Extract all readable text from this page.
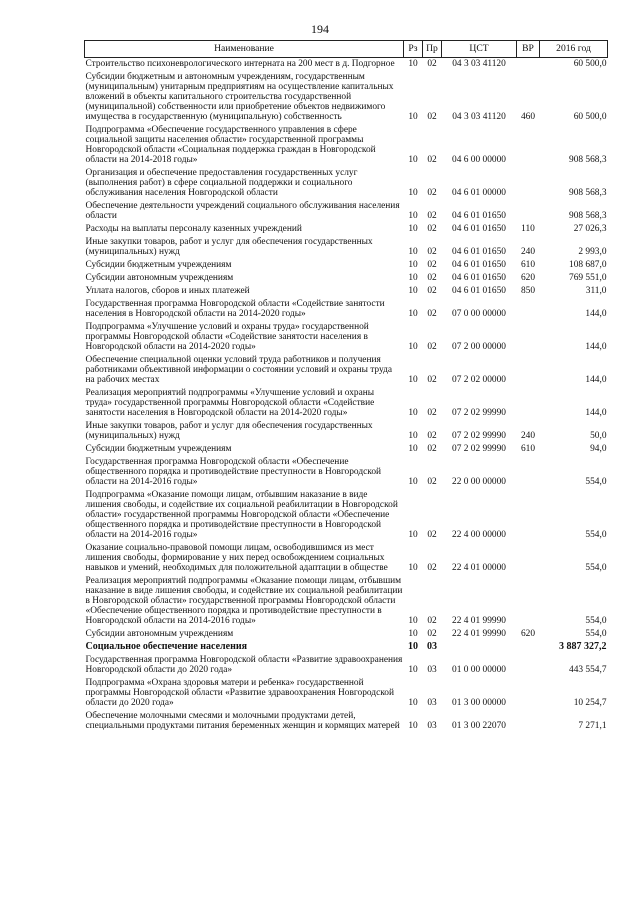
194
Наименование	Рз	Пр	ЦСТ	ВР	2016 год
Строительство психоневрологического интерната на 200 мест в д. Подгорное	10	02	04 3 03 41120		60 500,0
Субсидии бюджетным и автономным учреждениям, государственным (муниципальным) унитарным предприятиям на осуществление капитальных вложений в объекты капитального строительства государственной (муниципальной) собственности или приобретение объектов недвижимого имущества в государственную (муниципальную) собственность	10	02	04 3 03 41120	460	60 500,0
Подпрограмма «Обеспечение государственного управления в сфере социальной защиты населения области» государственной программы Новгородской области «Социальная поддержка граждан в Новгородской области на 2014-2018 годы»	10	02	04 6 00 00000		908 568,3
Организация и обеспечение предоставления государственных услуг (выполнения работ) в сфере социальной поддержки и социального обслуживания населения Новгородской области	10	02	04 6 01 00000		908 568,3
Обеспечение деятельности учреждений социального обслуживания населения области	10	02	04 6 01 01650		908 568,3
Расходы на выплаты персоналу казенных учреждений	10	02	04 6 01 01650	110	27 026,3
Иные закупки товаров, работ и услуг для обеспечения государственных (муниципальных) нужд	10	02	04 6 01 01650	240	2 993,0
Субсидии бюджетным учреждениям	10	02	04 6 01 01650	610	108 687,0
Субсидии автономным учреждениям	10	02	04 6 01 01650	620	769 551,0
Уплата налогов, сборов и иных платежей	10	02	04 6 01 01650	850	311,0
Государственная программа Новгородской области «Содействие занятости населения в Новгородской области на 2014-2020 годы»	10	02	07 0 00 00000		144,0
Подпрограмма «Улучшение условий и охраны труда» государственной программы Новгородской области «Содействие занятости населения в Новгородской области на 2014-2020 годы»	10	02	07 2 00 00000		144,0
Обеспечение специальной оценки условий труда работников и получения работниками объективной информации о состоянии условий и охраны труда на рабочих местах	10	02	07 2 02 00000		144,0
Реализация мероприятий подпрограммы «Улучшение условий и охраны труда» государственной программы Новгородской области «Содействие занятости населения в Новгородской области на 2014-2020 годы»	10	02	07 2 02 99990		144,0
Иные закупки товаров, работ и услуг для обеспечения государственных (муниципальных) нужд	10	02	07 2 02 99990	240	50,0
Субсидии бюджетным учреждениям	10	02	07 2 02 99990	610	94,0
Государственная программа Новгородской области «Обеспечение общественного порядка и противодействие преступности в Новгородской области на 2014-2016 годы»	10	02	22 0 00 00000		554,0
Подпрограмма «Оказание помощи лицам, отбывшим наказание в виде лишения свободы, и содействие их социальной реабилитации в Новгородской области» государственной программы Новгородской области «Обеспечение общественного порядка и противодействие преступности в Новгородской области на 2014-2016 годы»	10	02	22 4 00 00000		554,0
Оказание социально-правовой помощи лицам, освободившимся из мест лишения свободы, формирование у них перед освобождением социальных навыков и умений, необходимых для положительной адаптации в обществе	10	02	22 4 01 00000		554,0
Реализация мероприятий подпрограммы «Оказание помощи лицам, отбывшим наказание в виде лишения свободы, и содействие их социальной реабилитации в Новгородской области» государственной программы Новгородской области «Обеспечение общественного порядка и противодействие преступности в Новгородской области на 2014-2016 годы»	10	02	22 4 01 99990		554,0
Субсидии автономным учреждениям	10	02	22 4 01 99990	620	554,0
Социальное обеспечение населения	10	03			3 887 327,2
Государственная программа Новгородской области «Развитие здравоохранения Новгородской области до 2020 года»	10	03	01 0 00 00000		443 554,7
Подпрограмма «Охрана здоровья матери и ребенка» государственной программы Новгородской области «Развитие здравоохранения Новгородской области до 2020 года»	10	03	01 3 00 00000		10 254,7
Обеспечение молочными смесями и молочными продуктами детей, специальными продуктами питания беременных женщин и кормящих матерей	10	03	01 3 00 22070		7 271,1
